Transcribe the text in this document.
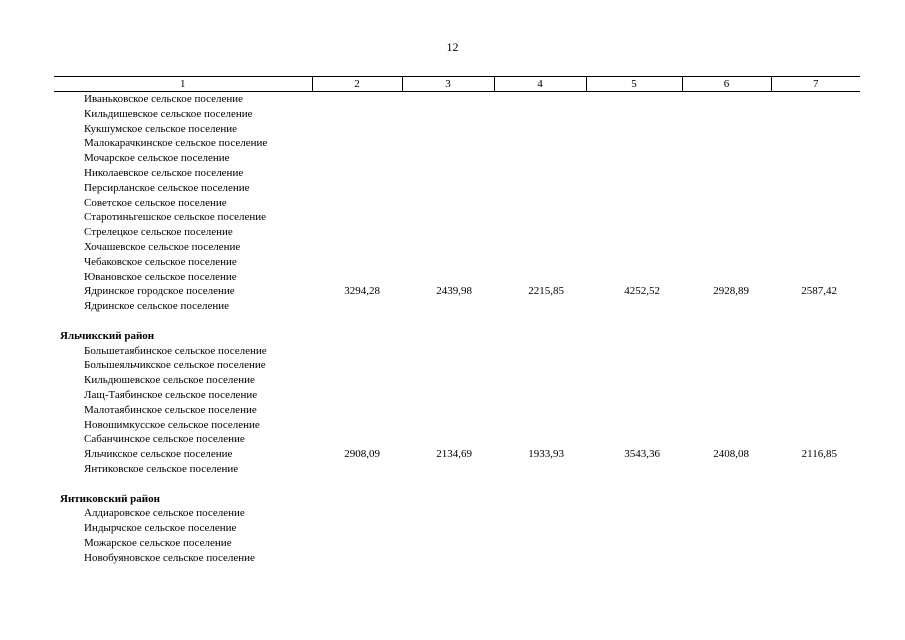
12
1	2	3	4	5	6	7
Иваньковское сельское поселение						
Кильдишевское сельское поселение						
Кукшумское сельское поселение						
Малокарачкинское сельское поселение						
Мочарское сельское поселение						
Николаевское сельское поселение						
Персирланское сельское поселение						
Советское сельское поселение						
Старотиньгешское сельское поселение						
Стрелецкое сельское поселение						
Хочашевское сельское поселение						
Чебаковское сельское поселение						
Ювановское сельское поселение						
Ядринское городское поселение	3294,28	2439,98	2215,85	4252,52	2928,89	2587,42
Ядринское сельское поселение						

Яльчикский район						
Большетаябинское сельское поселение						
Большеяльчикское сельское поселение						
Кильдюшевское сельское поселение						
Лащ-Таябинское сельское поселение						
Малотаябинское сельское поселение						
Новошимкусское сельское поселение						
Сабанчинское сельское поселение						
Яльчикское сельское поселение	2908,09	2134,69	1933,93	3543,36	2408,08	2116,85
Янтиковское сельское поселение						

Янтиковский район						
Алдиаровское сельское поселение						
Индырчское сельское поселение						
Можарское сельское поселение						
Новобуяновское сельское поселение						
